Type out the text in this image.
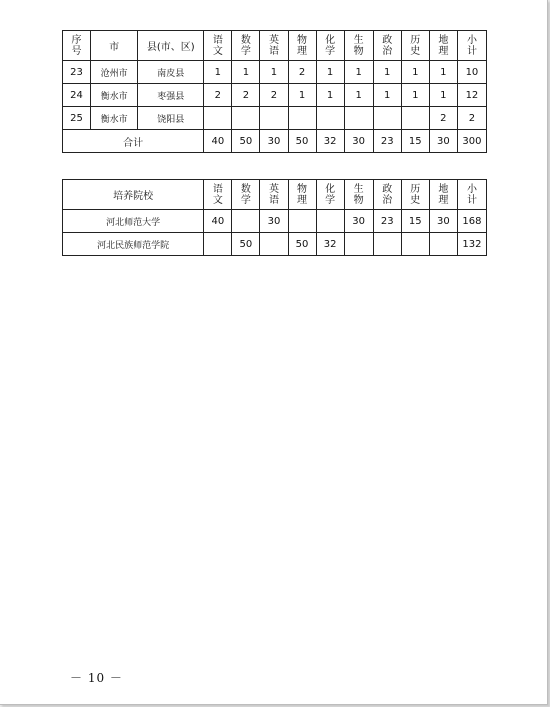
序号	市	县(市、区)	语文	数学	英语	物理	化学	生物	政治	历史	地理	小计
23	沧州市	南皮县	1	1	1	2	1	1	1	1	1	10
24	衡水市	枣强县	2	2	2	1	1	1	1	1	1	12
25	衡水市	饶阳县									2	2
合计			40	50	30	50	32	30	23	15	30	300
培养院校	语文	数学	英语	物理	化学	生物	政治	历史	地理	小计
河北师范大学	40		30			30	23	15	30	168
河北民族师范学院		50		50	32					132
－ 10 －
